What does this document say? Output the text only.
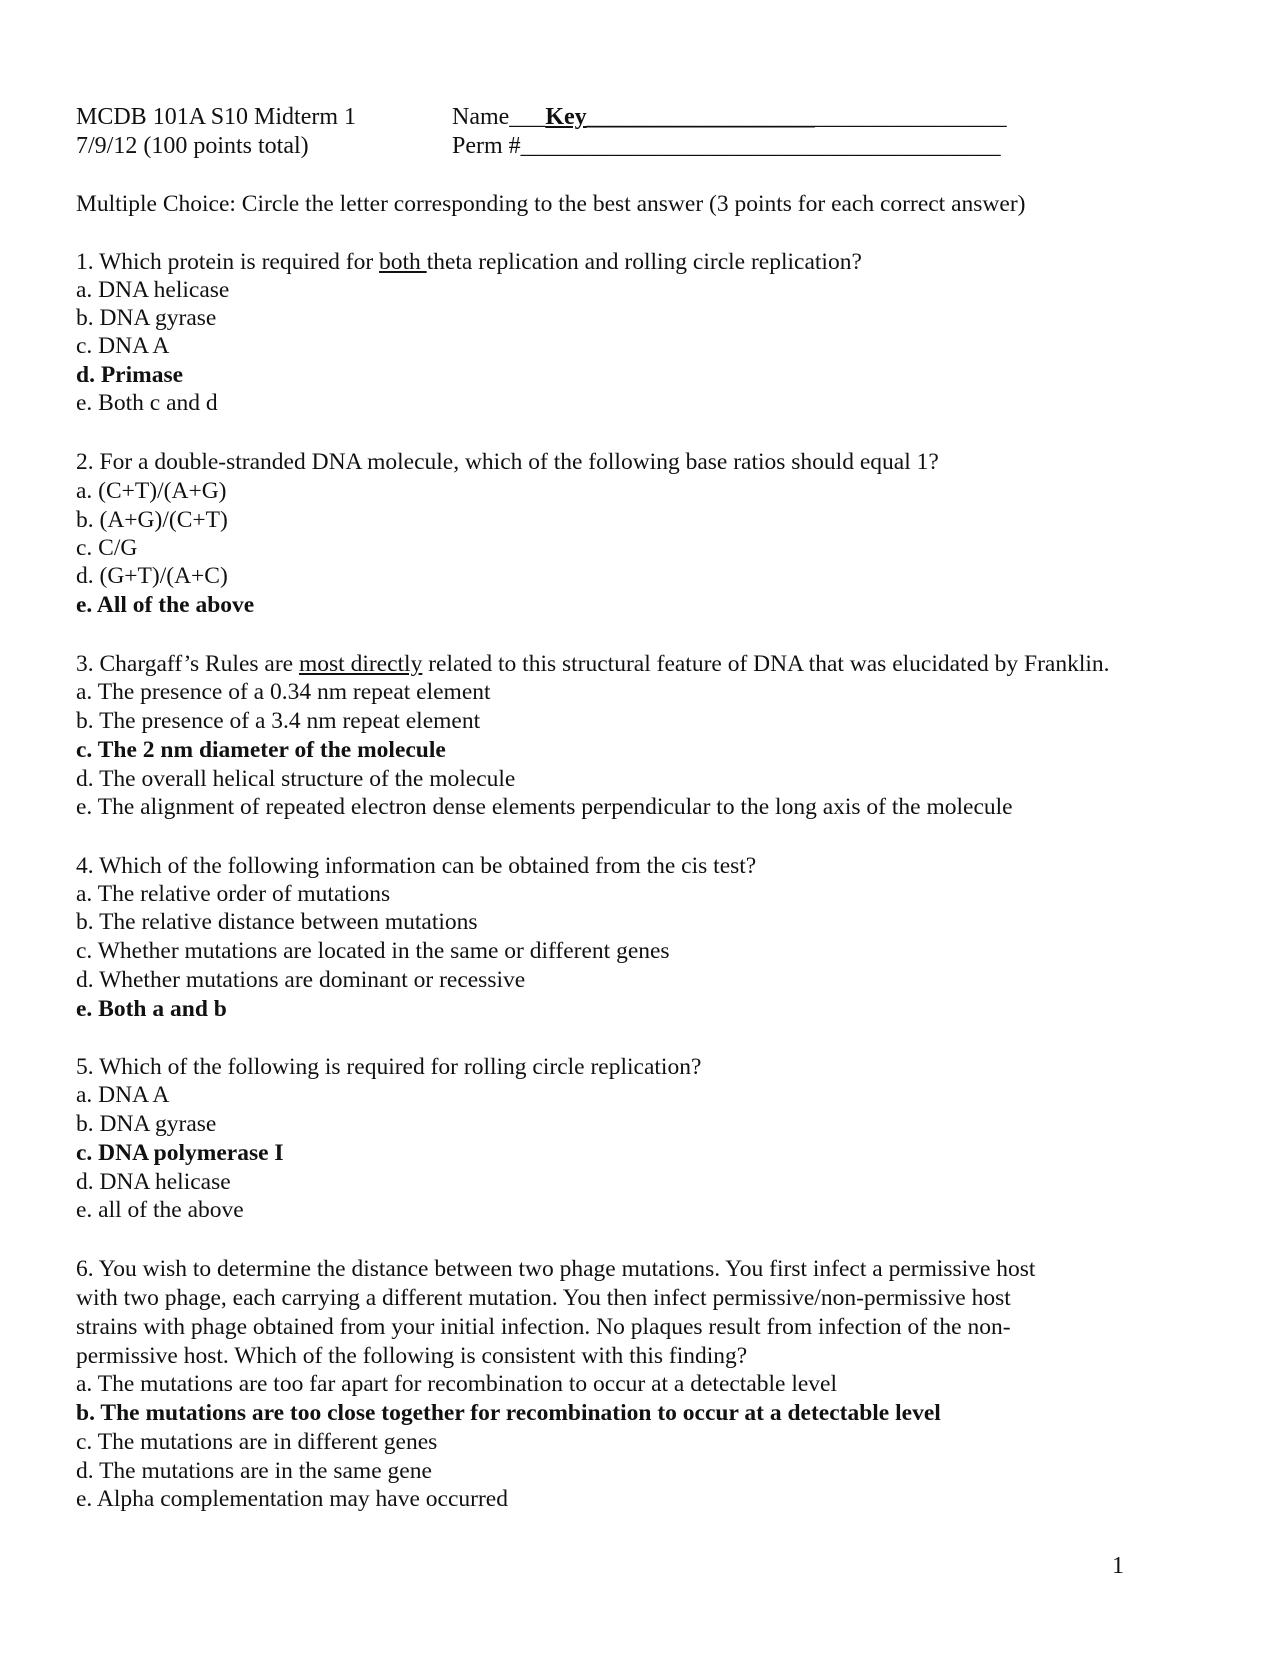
MCDB 101A S10 Midterm 1
7/9/12 (100 points total)
Name___Key___________________________________
Perm #________________________________________
Multiple Choice: Circle the letter corresponding to the best answer (3 points for each correct answer)
1. Which protein is required for both theta replication and rolling circle replication?
a. DNA helicase
b. DNA gyrase
c. DNA A
d. Primase
e. Both c and d
2. For a double-stranded DNA molecule, which of the following base ratios should equal 1?
a. (C+T)/(A+G)
b. (A+G)/(C+T)
c. C/G
d. (G+T)/(A+C)
e. All of the above
3. Chargaff’s Rules are most directly related to this structural feature of DNA that was elucidated by Franklin.
a. The presence of a 0.34 nm repeat element
b. The presence of a 3.4 nm repeat element
c. The 2 nm diameter of the molecule
d. The overall helical structure of the molecule
e. The alignment of repeated electron dense elements perpendicular to the long axis of the molecule
4. Which of the following information can be obtained from the cis test?
a. The relative order of mutations
b. The relative distance between mutations
c. Whether mutations are located in the same or different genes
d. Whether mutations are dominant or recessive
e. Both a and b
5. Which of the following is required for rolling circle replication?
a. DNA A
b. DNA gyrase
c. DNA polymerase I
d. DNA helicase
e. all of the above
6. You wish to determine the distance between two phage mutations. You first infect a permissive host
with two phage, each carrying a different mutation. You then infect permissive/non-permissive host
strains with phage obtained from your initial infection. No plaques result from infection of the non-
permissive host. Which of the following is consistent with this finding?
a. The mutations are too far apart for recombination to occur at a detectable level
b. The mutations are too close together for recombination to occur at a detectable level
c. The mutations are in different genes
d. The mutations are in the same gene
e. Alpha complementation may have occurred
1
